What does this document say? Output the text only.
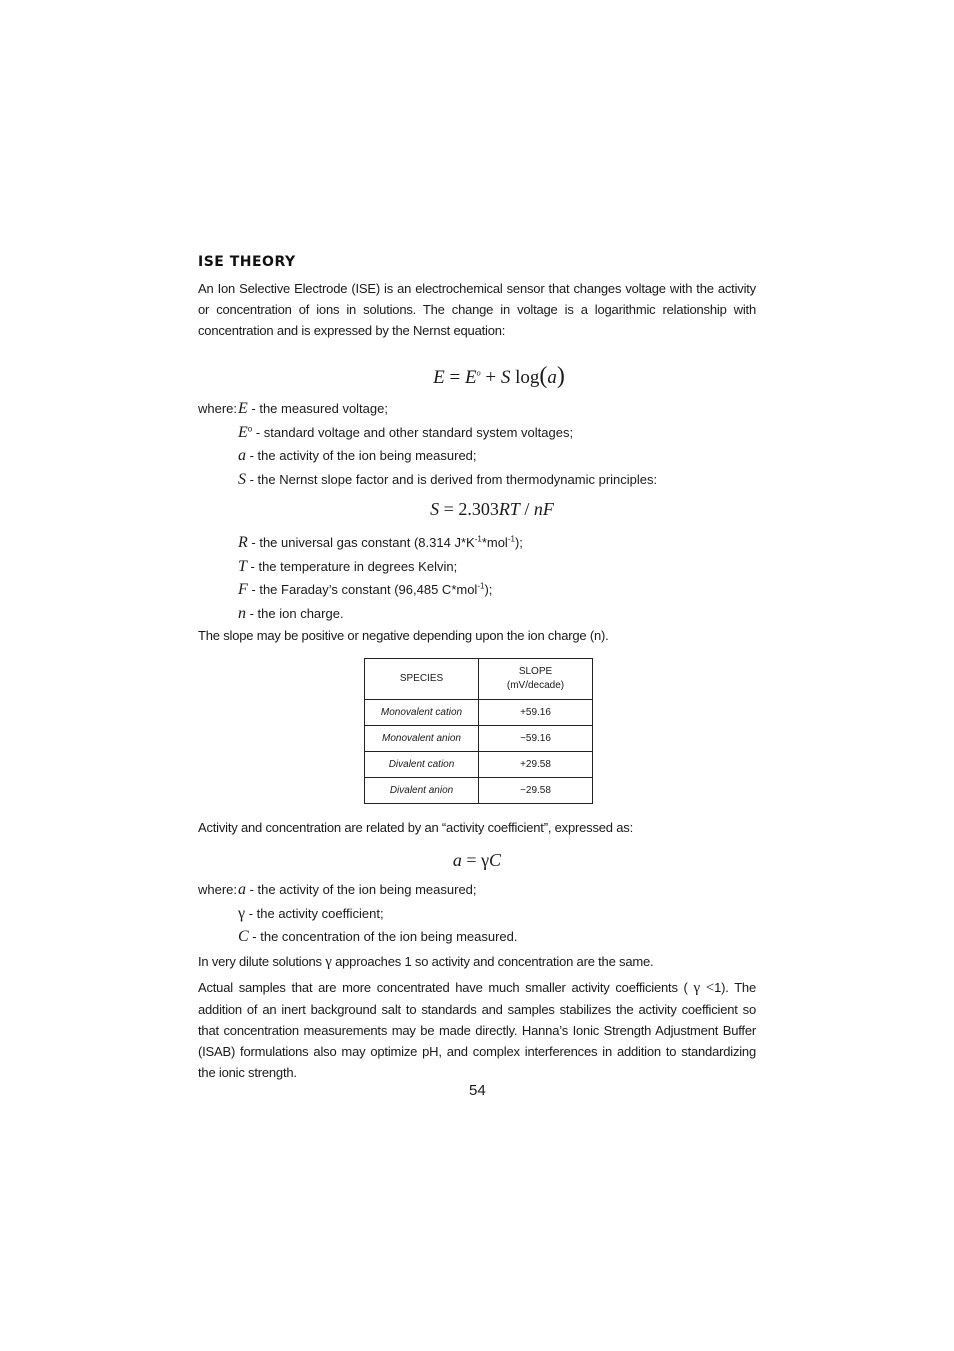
ISE THEORY

An Ion Selective Electrode (ISE) is an electrochemical sensor that changes voltage with the activity or concentration of ions in solutions. The change in voltage is a logarithmic relationship with concentration and is expressed by the Nernst equation:

$E = E^o + S$ log(a)
where:E - the measured voltage;
$E^o$ - standard voltage and other standard system voltages;
a - the activity of the ion being measured;
S - the Nernst slope factor and is derived from thermodynamic principles:
S = 2.303RT / nF
R - the universal gas constant (8.314 $J*K^{-1}*mol^{-1}$);
T - the temperature in degrees Kelvin;
F - the Faraday’s constant (96,485 C*mol$^{-1}$);
n - the ion charge.

The slope may be positive or negative depending upon the ion charge (n).

SPECIES	SLOPE
(mV/decade)
Monovalent cation	+59.16
Monovalent anion	−59.16
Divalent cation	+29.58
Divalent anion	−29.58

Activity and concentration are related by an “activity coefficient”, expressed as:

a = γC
where:a - the activity of the ion being measured;
γ - the activity coefficient;
C - the concentration of the ion being measured.

In very dilute solutions γ approaches 1 so activity and concentration are the same.

Actual samples that are more concentrated have much smaller activity coefficients ( γ <1). The addition of an inert background salt to standards and samples stabilizes the activity coefficient so that concentration measurements may be made directly. Hanna’s Ionic Strength Adjustment Buffer (ISAB) formulations also may optimize pH, and complex interferences in addition to standardizing the ionic strength.

54
